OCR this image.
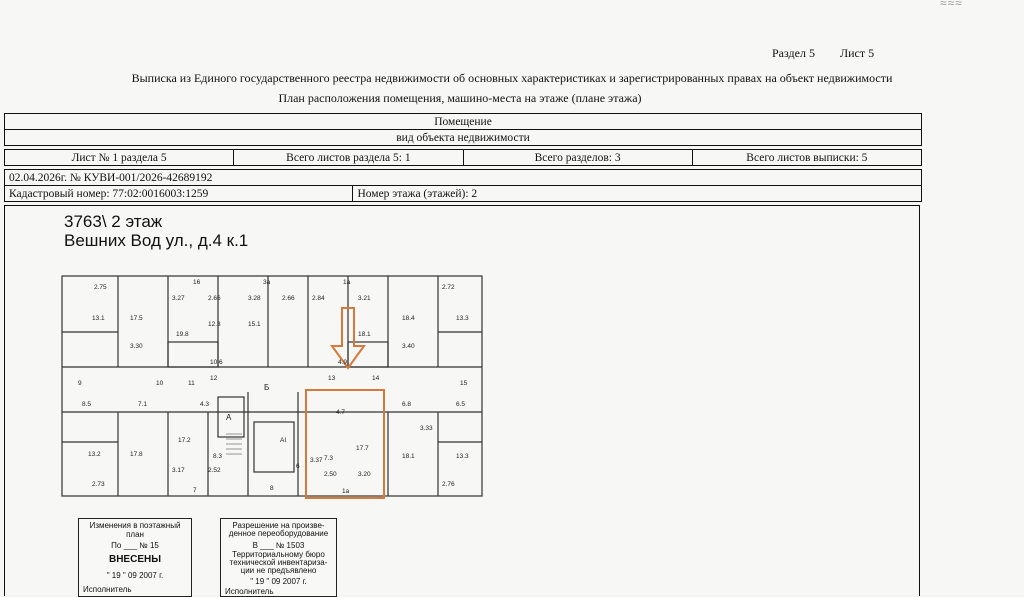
≈≈≈
Раздел 5 Лист 5
Выписка из Единого государственного реестра недвижимости об основных характеристиках и зарегистрированных правах на объект недвижимости
План расположения помещения, машино-места на этаже (плане этажа)
Помещение
вид объекта недвижимости
Лист № 1 раздела 5	Всего листов раздела 5: 1	Всего разделов: 3	Всего листов выписки: 5
02.04.2026г. № КУВИ-001/2026-42689192
Кадастровый номер: 77:02:0016003:1259	Номер этажа (этажей): 2
3763\ 2 этаж
Вешних Вод ул., д.4 к.1
16	3a	1a
2.75
3.27	2.66	3.28	2.66	2.84	3.21
2.72
13.1	17.5
19.8
12.3	15.1
18.1
18.4	13.3
3.30	3.40
10.6	4.9
9	10	11
12
Б
13	14
15
8.5	7.1	4.3
4.7
6.8	6.5
A
AI
6
17.7
17.2
17.8
13.2	8.3	7.3	18.1	13.3
3.33
3.37
2.50	3.20
2.73
3.17	2.52
2.76
7	8	1a
Изменения в поэтажный
план
По ___ № 15
ВНЕСЕНЫ
" 19 " 09 2007 г.
Исполнитель
Разрешение на произве-
денное переоборудование
В ___ № 1503
Территориальному бюро
технической инвентариза-
ции не предъявлено
" 19 " 09 2007 г.
Исполнитель
